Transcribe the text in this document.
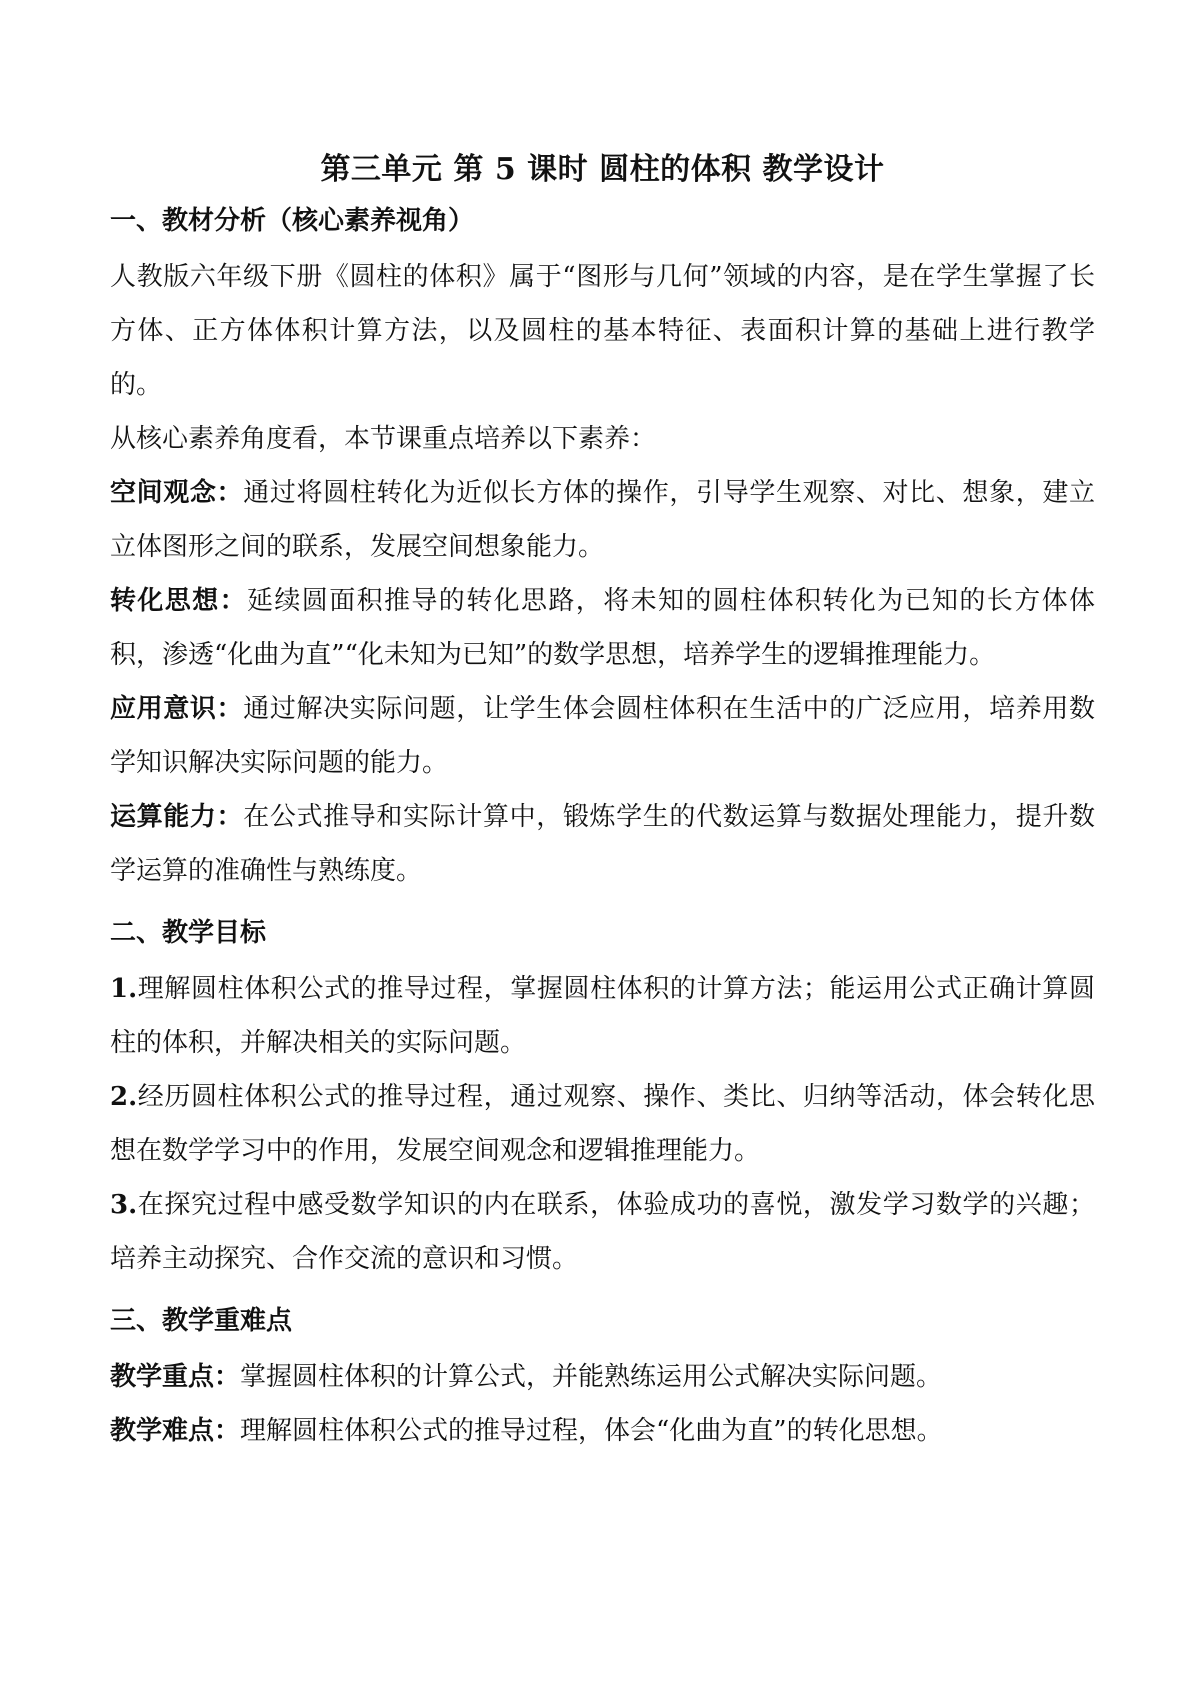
第三单元 第 5 课时 圆柱的体积 教学设计
一、教材分析（核心素养视角）

人教版六年级下册《圆柱的体积》属于“图形与几何”领域的内容，是在学生掌握了长方体、正方体体积计算方法，以及圆柱的基本特征、表面积计算的基础上进行教学的。

从核心素养角度看，本节课重点培养以下素养：

空间观念：通过将圆柱转化为近似长方体的操作，引导学生观察、对比、想象，建立立体图形之间的联系，发展空间想象能力。

转化思想：延续圆面积推导的转化思路，将未知的圆柱体积转化为已知的长方体体积，渗透“化曲为直”“化未知为已知”的数学思想，培养学生的逻辑推理能力。

应用意识：通过解决实际问题，让学生体会圆柱体积在生活中的广泛应用，培养用数学知识解决实际问题的能力。

运算能力：在公式推导和实际计算中，锻炼学生的代数运算与数据处理能力，提升数学运算的准确性与熟练度。

二、教学目标

1.理解圆柱体积公式的推导过程，掌握圆柱体积的计算方法；能运用公式正确计算圆柱的体积，并解决相关的实际问题。

2.经历圆柱体积公式的推导过程，通过观察、操作、类比、归纳等活动，体会转化思想在数学学习中的作用，发展空间观念和逻辑推理能力。

3.在探究过程中感受数学知识的内在联系，体验成功的喜悦，激发学习数学的兴趣；培养主动探究、合作交流的意识和习惯。

三、教学重难点

教学重点：掌握圆柱体积的计算公式，并能熟练运用公式解决实际问题。

教学难点：理解圆柱体积公式的推导过程，体会“化曲为直”的转化思想。
